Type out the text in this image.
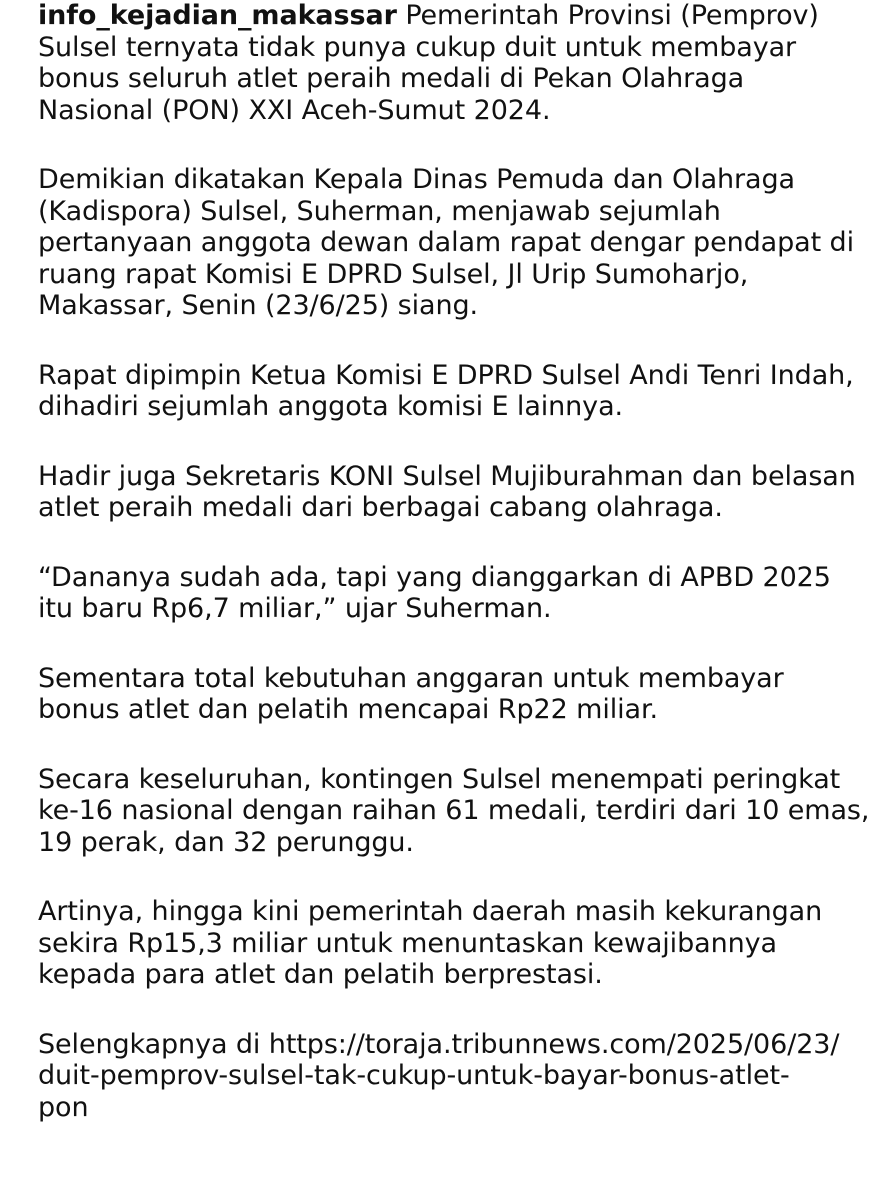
info_kejadian_makassar Pemerintah Provinsi (Pemprov)
Sulsel ternyata tidak punya cukup duit untuk membayar
bonus seluruh atlet peraih medali di Pekan Olahraga
Nasional (PON) XXI Aceh-Sumut 2024.

Demikian dikatakan Kepala Dinas Pemuda dan Olahraga
(Kadispora) Sulsel, Suherman, menjawab sejumlah
pertanyaan anggota dewan dalam rapat dengar pendapat di
ruang rapat Komisi E DPRD Sulsel, Jl Urip Sumoharjo,
Makassar, Senin (23/6/25) siang.

Rapat dipimpin Ketua Komisi E DPRD Sulsel Andi Tenri Indah,
dihadiri sejumlah anggota komisi E lainnya.

Hadir juga Sekretaris KONI Sulsel Mujiburahman dan belasan
atlet peraih medali dari berbagai cabang olahraga.

“Dananya sudah ada, tapi yang dianggarkan di APBD 2025
itu baru Rp6,7 miliar,” ujar Suherman.

Sementara total kebutuhan anggaran untuk membayar
bonus atlet dan pelatih mencapai Rp22 miliar.

Secara keseluruhan, kontingen Sulsel menempati peringkat
ke-16 nasional dengan raihan 61 medali, terdiri dari 10 emas,
19 perak, dan 32 perunggu.

Artinya, hingga kini pemerintah daerah masih kekurangan
sekira Rp15,3 miliar untuk menuntaskan kewajibannya
kepada para atlet dan pelatih berprestasi.

Selengkapnya di https://toraja.tribunnews.com/2025/06/23/
duit-pemprov-sulsel-tak-cukup-untuk-bayar-bonus-atlet-
pon
